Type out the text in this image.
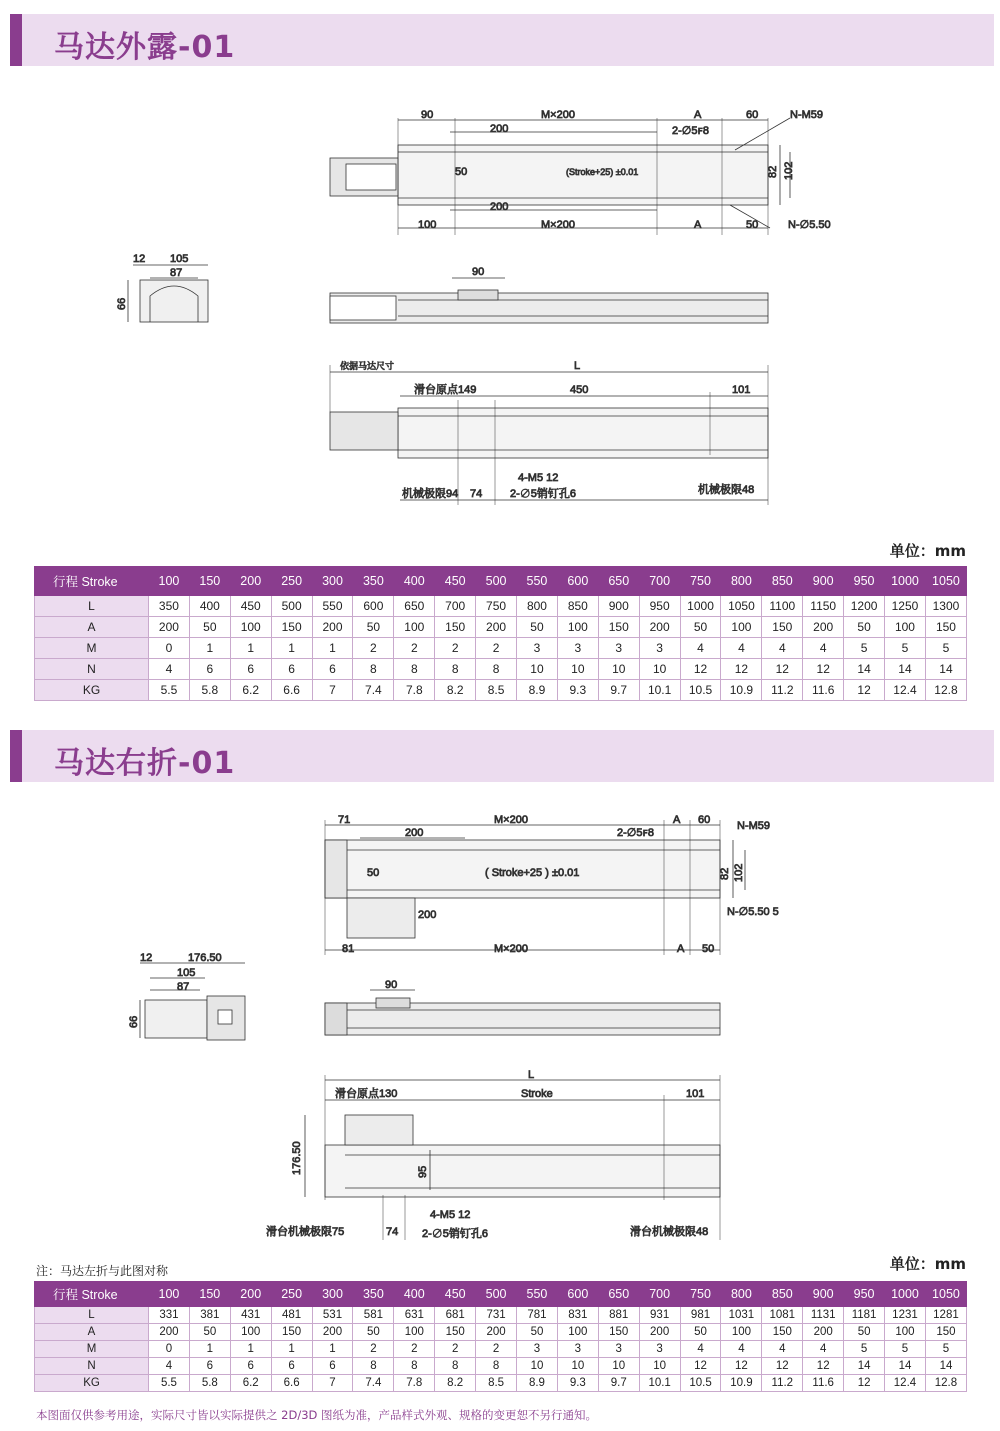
马达外露-01
90	M×200	A	60	N-M59
200	2-∅5ꜰ8
50	(Stroke+25) ±0.01	82 102
200
100	M×200	A	50	N-∅5.50
12 105
87
66
90
依据马达尺寸	L
滑台原点149	450	101
4-M5 12
机械极限94 74	2-∅5销钉孔6	机械极限48
单位：mm
行程 Stroke	100	150	200	250	300	350	400	450	500	550	600	650	700	750	800	850	900	950	1000	1050
L	350	400	450	500	550	600	650	700	750	800	850	900	950	1000	1050	1100	1150	1200	1250	1300
A	200	50	100	150	200	50	100	150	200	50	100	150	200	50	100	150	200	50	100	150
M	0	1	1	1	1	2	2	2	2	3	3	3	3	4	4	4	4	5	5	5
N	4	6	6	6	6	8	8	8	8	10	10	10	10	12	12	12	12	14	14	14
KG	5.5	5.8	6.2	6.6	7	7.4	7.8	8.2	8.5	8.9	9.3	9.7	10.1	10.5	10.9	11.2	11.6	12	12.4	12.8
马达右折-01
71	M×200	A 60 N-M59
200	2-∅5ꜰ8
50	( Stroke+25 ) ±0.01	82 102
200	N-∅5.50 5
81	M×200	A 50
12	176.50
105
87
66
90
L
滑台原点130	Stroke	101
176.50	95
4-M5 12
滑台机械极限75	74 2-∅5销钉孔6	滑台机械极限48
注：马达左折与此图对称	单位：mm
行程 Stroke	100	150	200	250	300	350	400	450	500	550	600	650	700	750	800	850	900	950	1000	1050
L	331	381	431	481	531	581	631	681	731	781	831	881	931	981	1031	1081	1131	1181	1231	1281
A	200	50	100	150	200	50	100	150	200	50	100	150	200	50	100	150	200	50	100	150
M	0	1	1	1	1	2	2	2	2	3	3	3	3	4	4	4	4	5	5	5
N	4	6	6	6	6	8	8	8	8	10	10	10	10	12	12	12	12	14	14	14
KG	5.5	5.8	6.2	6.6	7	7.4	7.8	8.2	8.5	8.9	9.3	9.7	10.1	10.5	10.9	11.2	11.6	12	12.4	12.8
本图面仅供参考用途，实际尺寸皆以实际提供之 2D/3D 图纸为准，产品样式外观、规格的变更恕不另行通知。
